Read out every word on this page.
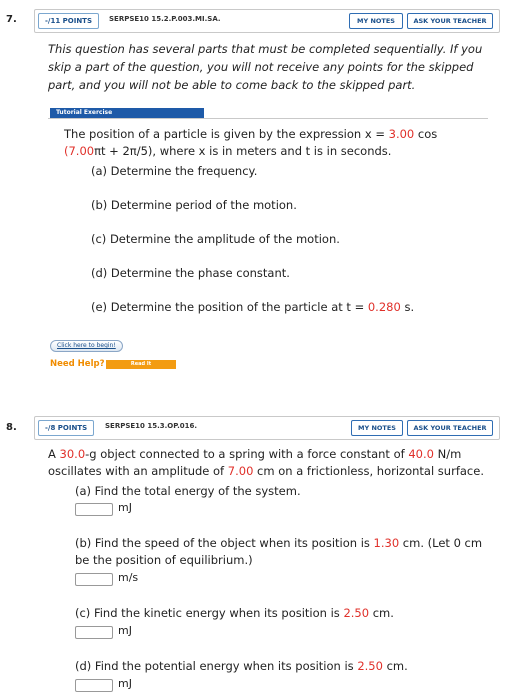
7.	-/11 POINTS	SERPSE10 15.2.P.003.MI.SA.	MY NOTES	ASK YOUR TEACHER
This question has several parts that must be completed sequentially. If you skip a part of the question, you will not receive any points for the skipped part, and you will not be able to come back to the skipped part.
Tutorial Exercise
The position of a particle is given by the expression x = 3.00 cos
(7.00πt + 2π/5), where x is in meters and t is in seconds.
(a) Determine the frequency.
(b) Determine period of the motion.
(c) Determine the amplitude of the motion.
(d) Determine the phase constant.
(e) Determine the position of the particle at t = 0.280 s.
Click here to begin!
Need Help?	Read It
8.	-/8 POINTS	SERPSE10 15.3.OP.016.	MY NOTES	ASK YOUR TEACHER
A 30.0-g object connected to a spring with a force constant of 40.0 N/m
oscillates with an amplitude of 7.00 cm on a frictionless, horizontal surface.
(a) Find the total energy of the system.
mJ
(b) Find the speed of the object when its position is 1.30 cm. (Let 0 cm
be the position of equilibrium.)
m/s
(c) Find the kinetic energy when its position is 2.50 cm.
mJ
(d) Find the potential energy when its position is 2.50 cm.
mJ
